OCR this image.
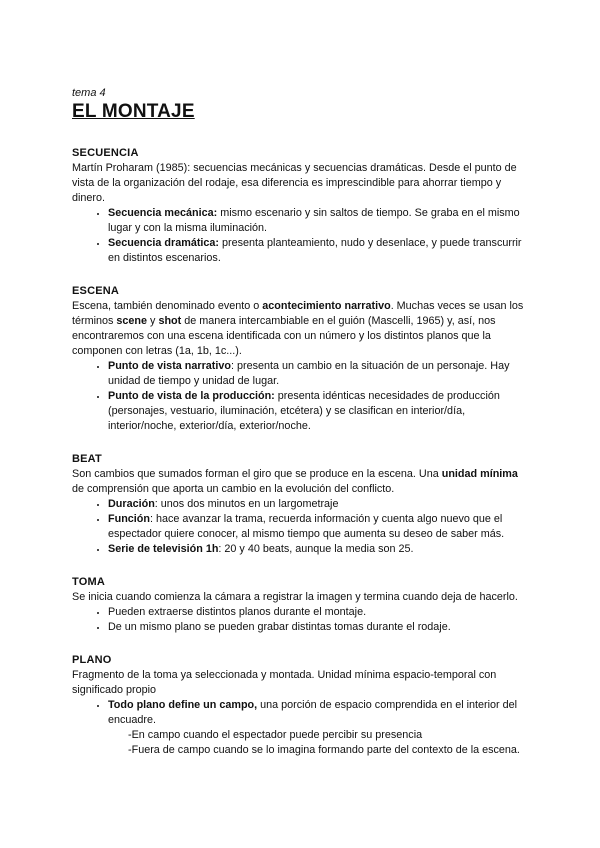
tema 4
EL MONTAJE
SECUENCIA

Martín Proharam (1985): secuencias mecánicas y secuencias dramáticas. Desde el punto de vista de la organización del rodaje, esa diferencia es imprescindible para ahorrar tiempo y dinero.

• Secuencia mecánica: mismo escenario y sin saltos de tiempo. Se graba en el mismo lugar y con la misma iluminación.
• Secuencia dramática: presenta planteamiento, nudo y desenlace, y puede transcurrir en distintos escenarios.
ESCENA

Escena, también denominado evento o acontecimiento narrativo. Muchas veces se usan los términos scene y shot de manera intercambiable en el guión (Mascelli, 1965) y, así, nos encontraremos con una escena identificada con un número y los distintos planos que la componen con letras (1a, 1b, 1c...).

• Punto de vista narrativo: presenta un cambio en la situación de un personaje. Hay unidad de tiempo y unidad de lugar.
• Punto de vista de la producción: presenta idénticas necesidades de producción (personajes, vestuario, iluminación, etcétera) y se clasifican en interior/día, interior/noche, exterior/día, exterior/noche.
BEAT

Son cambios que sumados forman el giro que se produce en la escena. Una unidad mínima de comprensión que aporta un cambio en la evolución del conflicto.

• Duración: unos dos minutos en un largometraje
• Función: hace avanzar la trama, recuerda información y cuenta algo nuevo que el espectador quiere conocer, al mismo tiempo que aumenta su deseo de saber más.
• Serie de televisión 1h: 20 y 40 beats, aunque la media son 25.
TOMA

Se inicia cuando comienza la cámara a registrar la imagen y termina cuando deja de hacerlo.

• Pueden extraerse distintos planos durante el montaje.
• De un mismo plano se pueden grabar distintas tomas durante el rodaje.
PLANO

Fragmento de la toma ya seleccionada y montada. Unidad mínima espacio-temporal con significado propio

• Todo plano define un campo, una porción de espacio comprendida en el interior del encuadre.
-En campo cuando el espectador puede percibir su presencia
-Fuera de campo cuando se lo imagina formando parte del contexto de la escena.
